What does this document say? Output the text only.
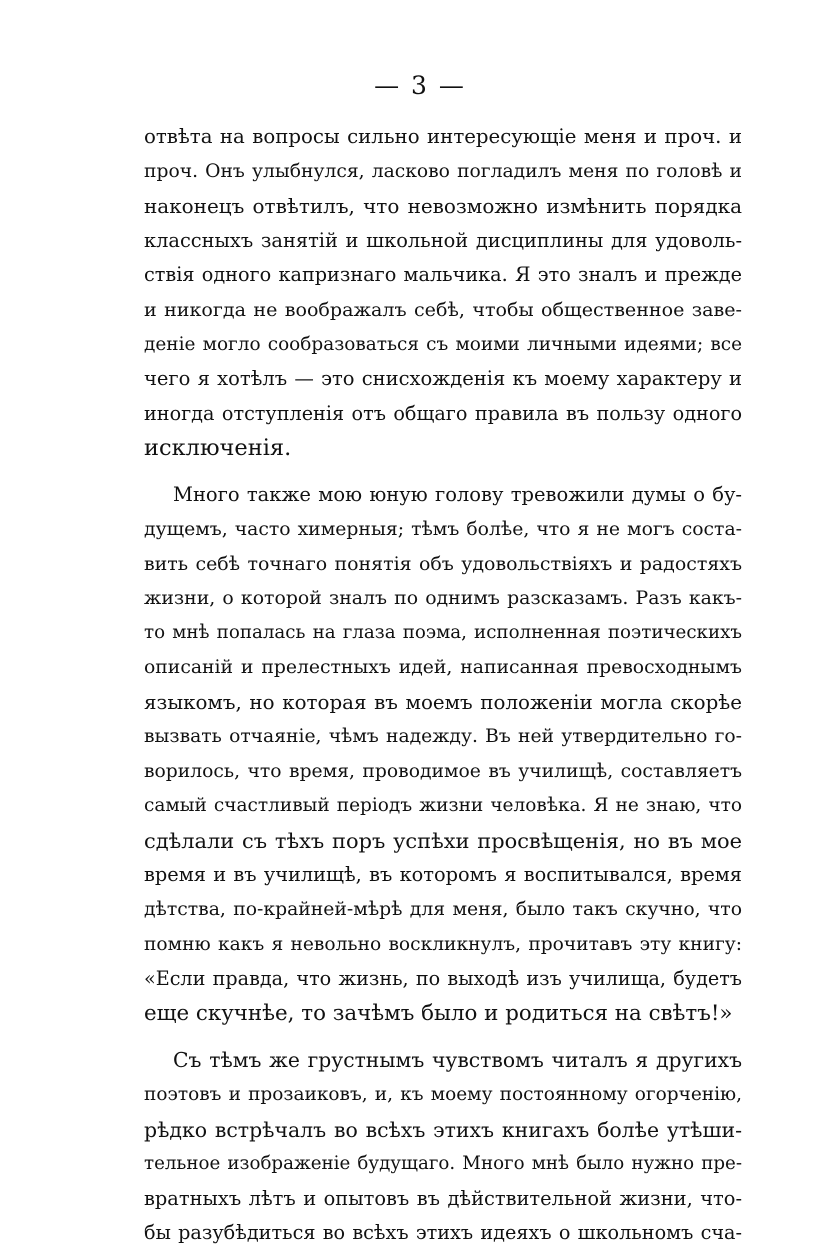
— 3 —
отвѣта на вопросы сильно интересующіе меня и проч. и
проч. Онъ улыбнулся, ласково погладилъ меня по головѣ и
наконецъ отвѣтилъ, что невозможно измѣнить порядка
классныхъ занятій и школьной дисциплины для удоволь-
ствія одного капризнаго мальчика. Я это зналъ и прежде
и никогда не воображалъ себѣ, чтобы общественное заве-
деніе могло сообразоваться съ моими личными идеями; все
чего я хотѣлъ — это снисхожденія къ моему характеру и
иногда отступленія отъ общаго правила въ пользу одного
исключенія.
Много также мою юную голову тревожили думы о бу-
дущемъ, часто химерныя; тѣмъ болѣе, что я не могъ соста-
вить себѣ точнаго понятія объ удовольствіяхъ и радостяхъ
жизни, о которой зналъ по однимъ разсказамъ. Разъ какъ-
то мнѣ попалась на глаза поэма, исполненная поэтическихъ
описаній и прелестныхъ идей, написанная превосходнымъ
языкомъ, но которая въ моемъ положеніи могла скорѣе
вызвать отчаяніе, чѣмъ надежду. Въ ней утвердительно го-
ворилось, что время, проводимое въ училищѣ, составляетъ
самый счастливый періодъ жизни человѣка. Я не знаю, что
сдѣлали съ тѣхъ поръ успѣхи просвѣщенія, но въ мое
время и въ училищѣ, въ которомъ я воспитывался, время
дѣтства, по-крайней-мѣрѣ для меня, было такъ скучно, что
помню какъ я невольно воскликнулъ, прочитавъ эту книгу:
«Если правда, что жизнь, по выходѣ изъ училища, будетъ
еще скучнѣе, то зачѣмъ было и родиться на свѣтъ!»
Съ тѣмъ же грустнымъ чувствомъ читалъ я другихъ
поэтовъ и прозаиковъ, и, къ моему постоянному огорченію,
рѣдко встрѣчалъ во всѣхъ этихъ книгахъ болѣе утѣши-
тельное изображеніе будущаго. Много мнѣ было нужно пре-
вратныхъ лѣтъ и опытовъ въ дѣйствительной жизни, что-
бы разубѣдиться во всѣхъ этихъ идеяхъ о школьномъ сча-
